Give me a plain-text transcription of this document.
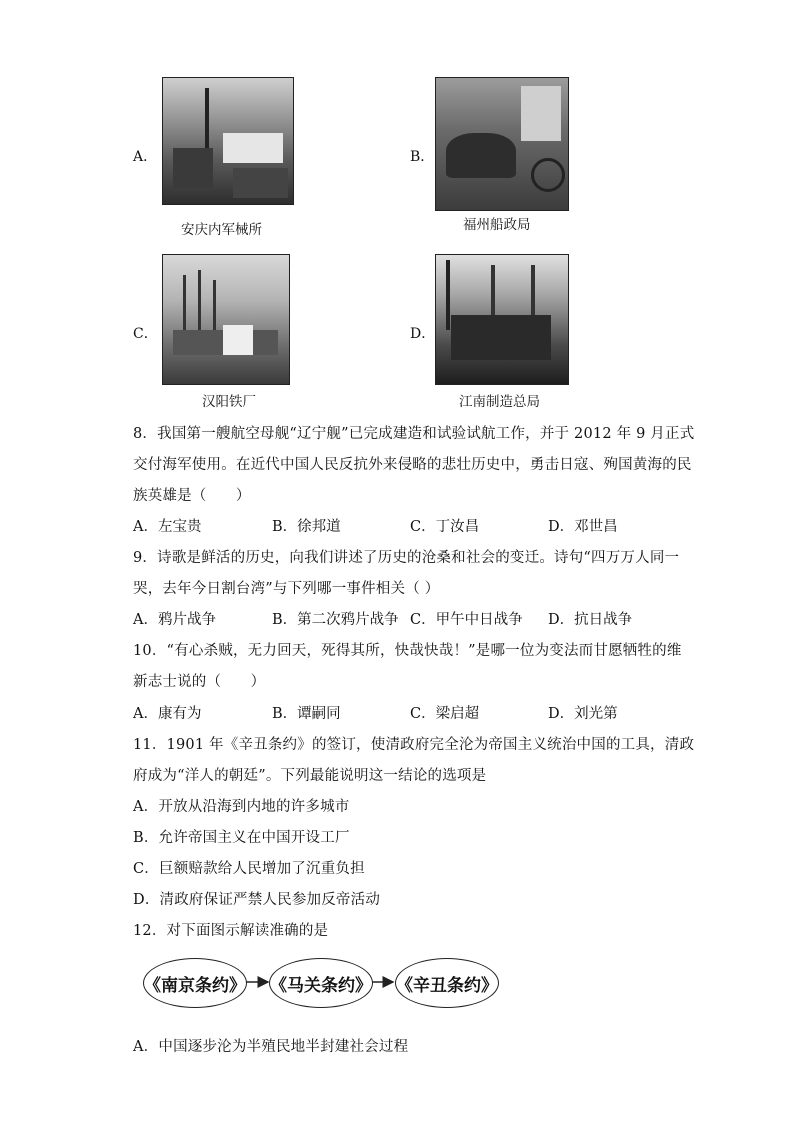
A．
安庆内军械所
B．
福州船政局
C．
汉阳铁厂
D．
江南制造总局
8．我国第一艘航空母舰“辽宁舰”已完成建造和试验试航工作，并于 2012 年 9 月正式
交付海军使用。在近代中国人民反抗外来侵略的悲壮历史中，勇击日寇、殉国黄海的民
族英雄是（　　）
A．左宝贵	B．徐邦道	C．丁汝昌	D．邓世昌
9．诗歌是鲜活的历史，向我们讲述了历史的沧桑和社会的变迁。诗句“四万万人同一
哭，去年今日割台湾”与下列哪一事件相关（ ）
A．鸦片战争	B．第二次鸦片战争 C．甲午中日战争 D．抗日战争
10．“有心杀贼，无力回天，死得其所，快哉快哉！”是哪一位为变法而甘愿牺牲的维
新志士说的（　　）
A．康有为	B．谭嗣同	C．梁启超	D．刘光第
11．1901 年《辛丑条约》的签订，使清政府完全沦为帝国主义统治中国的工具，清政
府成为“洋人的朝廷”。下列最能说明这一结论的选项是
A．开放从沿海到内地的许多城市
B．允许帝国主义在中国开设工厂
C．巨额赔款给人民增加了沉重负担
D．清政府保证严禁人民参加反帝活动
12．对下面图示解读准确的是
《南京条约》 《马关条约》 《辛丑条约》
A．中国逐步沦为半殖民地半封建社会过程
